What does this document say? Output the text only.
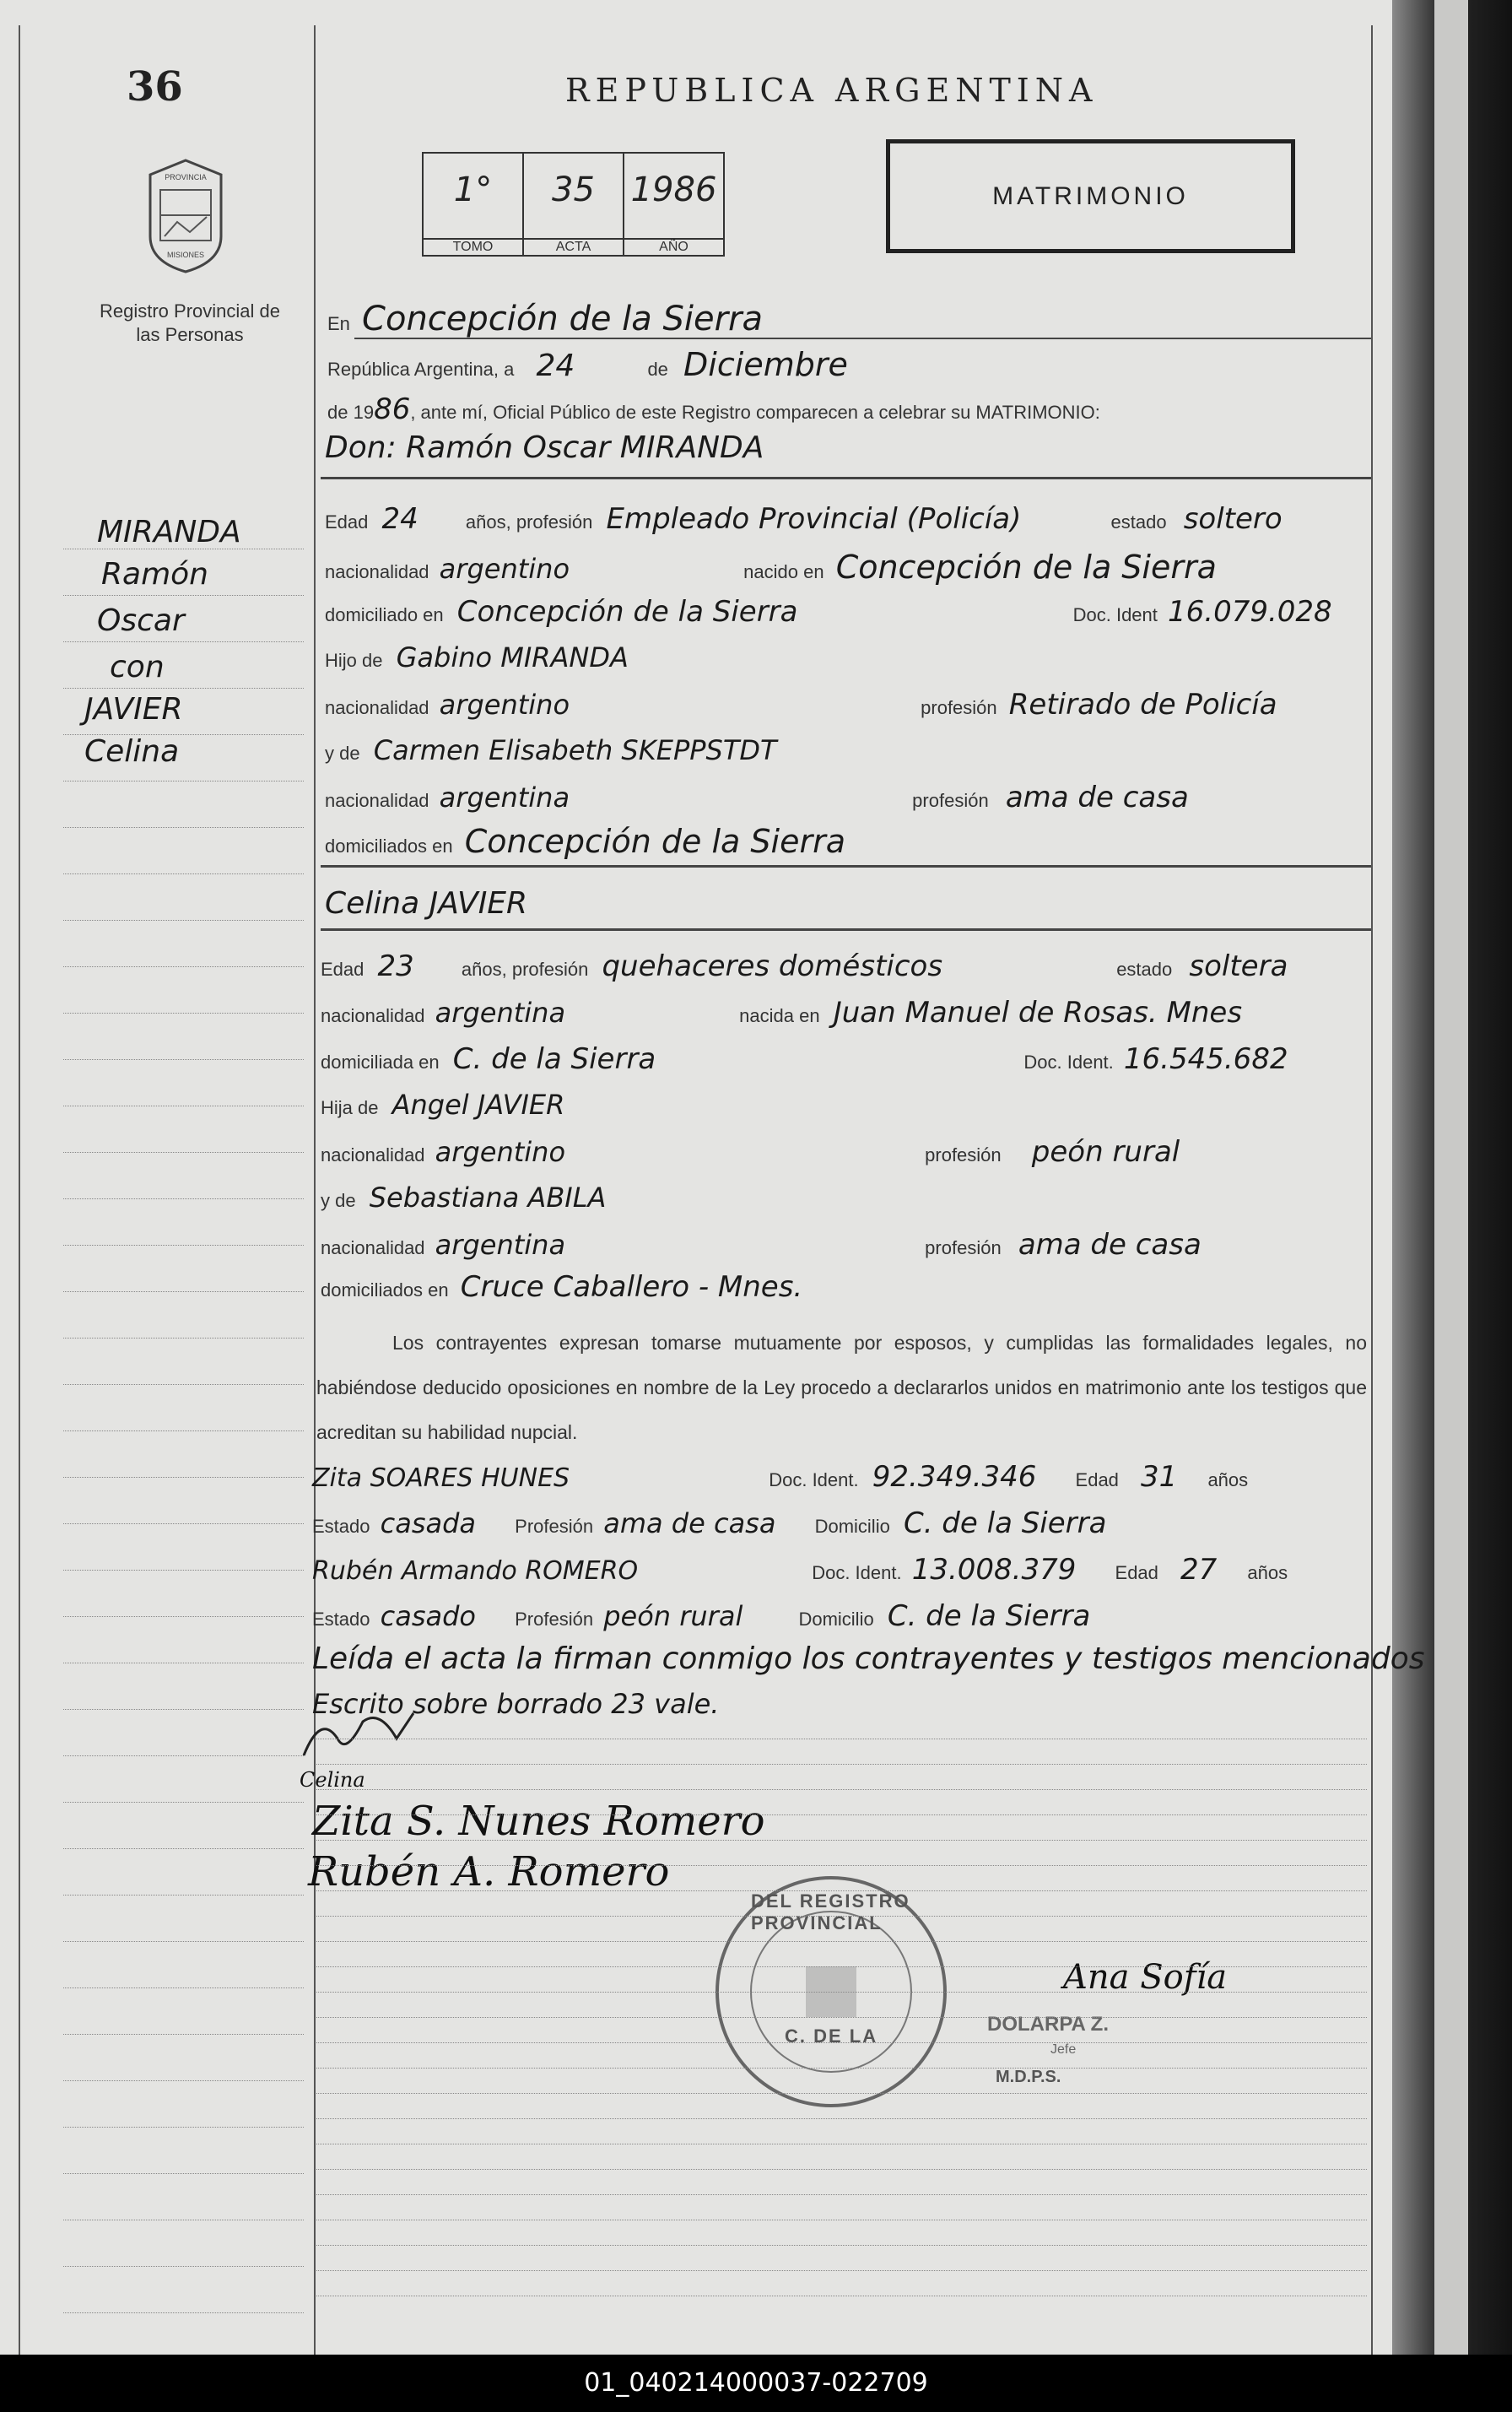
36
PROVINCIA
MISIONES
Registro Provincial de las Personas
REPUBLICA ARGENTINA
1°
TOMO
35
ACTA
1986
AÑO
MATRIMONIO
En Concepción de la Sierra
República Argentina, a 24	de Diciembre
de 1986, ante mí, Oficial Público de este Registro comparecen a celebrar su MATRIMONIO:
Don: Ramón Oscar MIRANDA
Edad 24	años, profesión Empleado Provincial (Policía)	estado soltero
nacionalidad argentino	nacido en Concepción de la Sierra
domiciliado en Concepción de la Sierra	Doc. Ident 16.079.028
Hijo de Gabino MIRANDA
nacionalidad argentino	profesión Retirado de Policía
y de Carmen Elisabeth SKEPPSTDT
nacionalidad argentina	profesión ama de casa
domiciliados en Concepción de la Sierra
Celina JAVIER
Edad 23	años, profesión quehaceres domésticos	estado soltera
nacionalidad argentina	nacida en Juan Manuel de Rosas. Mnes
domiciliada en C. de la Sierra	Doc. Ident. 16.545.682
Hija de Angel JAVIER
nacionalidad argentino	profesión peón rural
y de Sebastiana ABILA
nacionalidad argentina	profesión ama de casa
domiciliados en Cruce Caballero - Mnes.
Los contrayentes expresan tomarse mutuamente por esposos, y cumplidas las formalidades legales, no habiéndose deducido oposiciones en nombre de la Ley procedo a declararlos unidos en matrimonio ante los testigos que acreditan su habilidad nupcial.
Zita SOARES HUNES	Doc. Ident. 92.349.346 Edad 31 años
Estado casada Profesión ama de casa Domicilio C. de la Sierra
Rubén Armando ROMERO	Doc. Ident. 13.008.379 Edad 27 años
Estado casado Profesión peón rural	Domicilio C. de la Sierra
Leída el acta la firman conmigo los contrayentes y testigos mencionados
Escrito sobre borrado 23 vale.
Celina
Zita S. Nunes Romero
Rubén A. Romero
DEL REGISTRO PROVINCIAL
C. DE LA
Ana Sofía
DOLARPA Z.
Jefe
M.D.P.S.
MIRANDA
Ramón
Oscar
con
JAVIER
Celina
01_040214000037-022709
